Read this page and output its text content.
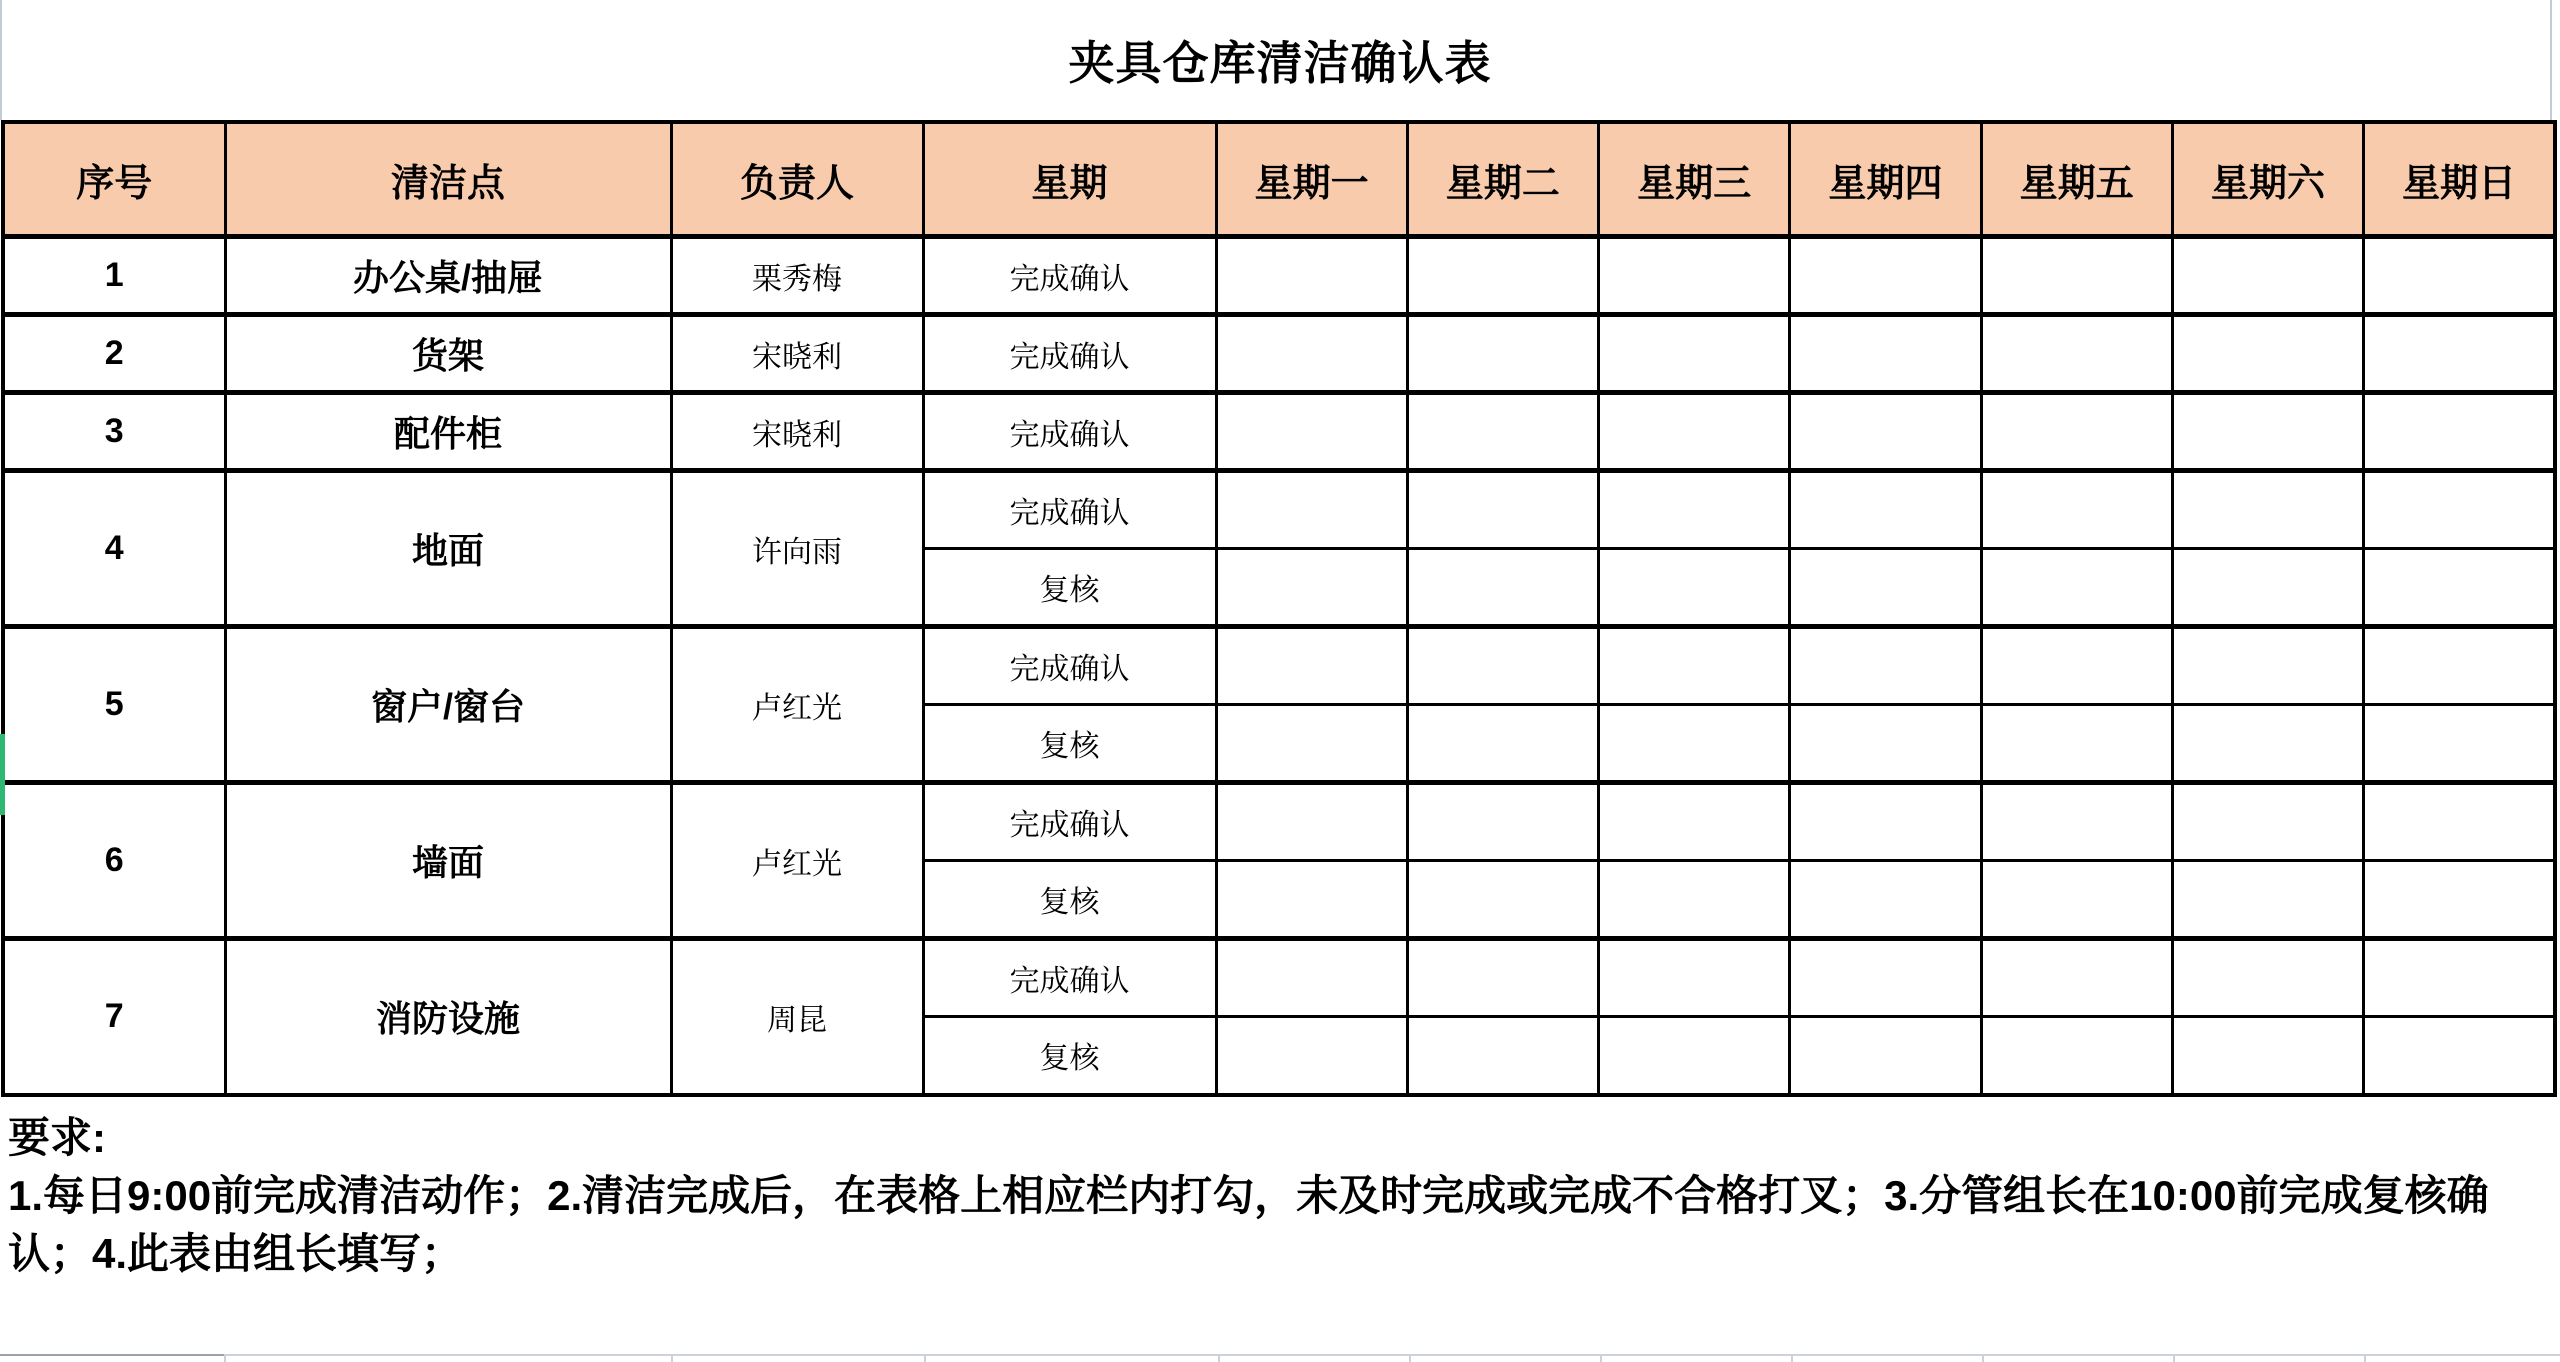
夹具仓库清洁确认表
序号	清洁点	负责人	星期	星期一	星期二	星期三	星期四	星期五	星期六	星期日
1	办公桌/抽屉	栗秀梅	完成确认							
2	货架	宋晓利	完成确认							
3	配件柜	宋晓利	完成确认							
4	地面	许向雨	完成确认							
			复核							
5	窗户/窗台	卢红光	完成确认							
			复核							
6	墙面	卢红光	完成确认							
			复核							
7	消防设施	周昆	完成确认							
			复核							
要求:
1.每日9:00前完成清洁动作；2.清洁完成后，在表格上相应栏内打勾，未及时完成或完成不合格打叉；3.分管组长在10:00前完成复核确认；4.此表由组长填写；
